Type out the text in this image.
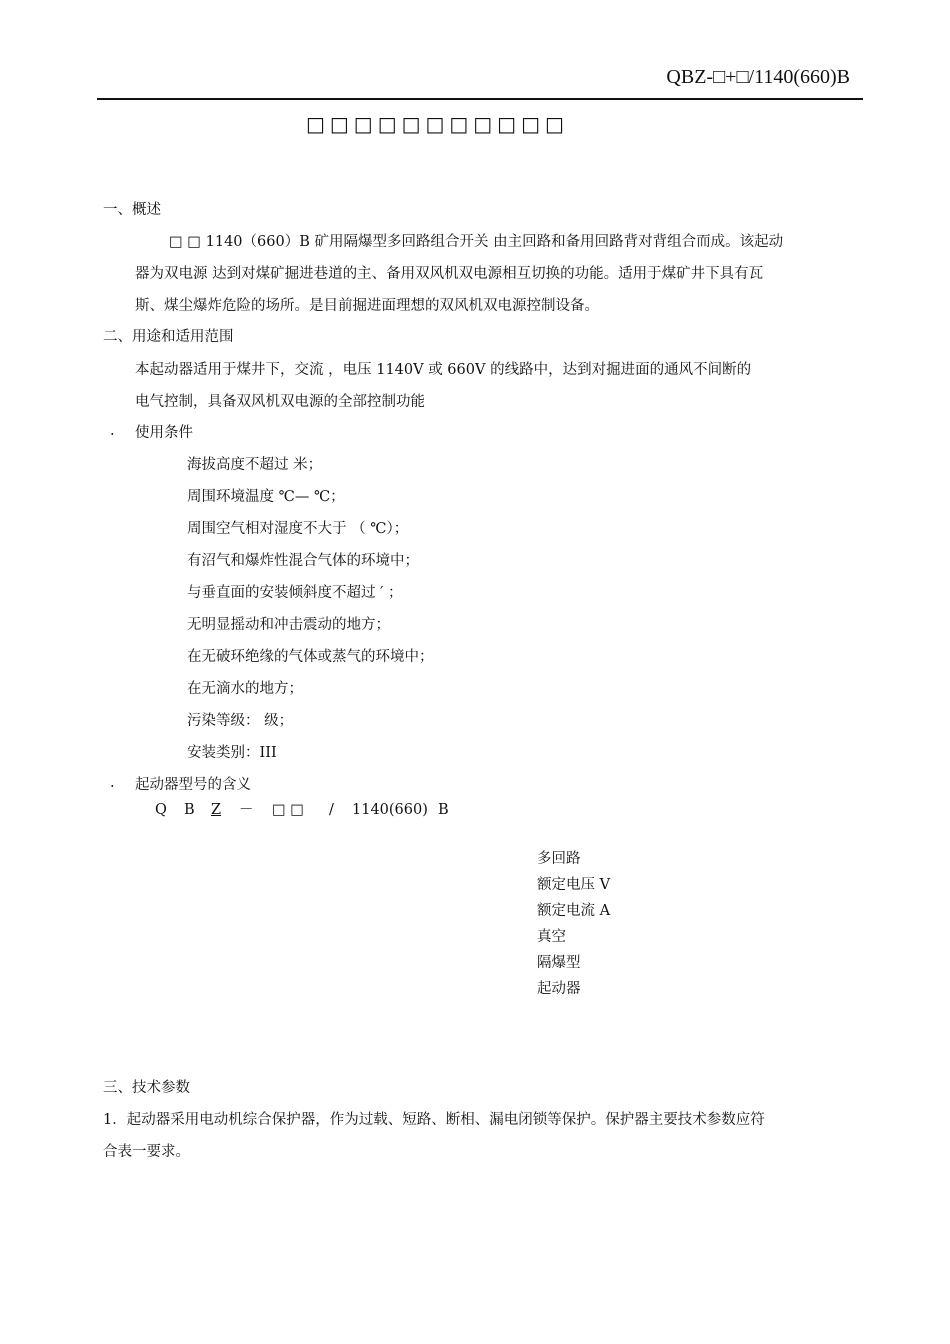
QBZ-□+□/1140(660)B
□□□□□□□□□□□
一、概述
□ □ 1140（660）B 矿用隔爆型多回路组合开关 由主回路和备用回路背对背组合而成。该起动
器为双电源 达到对煤矿掘进巷道的主、备用双风机双电源相互切换的功能。适用于煤矿井下具有瓦
斯、煤尘爆炸危险的场所。是目前掘进面理想的双风机双电源控制设备。
二、用途和适用范围
本起动器适用于煤井下，交流 ，电压 1140V 或 660V 的线路中，达到对掘进面的通风不间断的
电气控制，具备双风机双电源的全部控制功能
· 使用条件
海拔高度不超过 米；
周围环境温度 ℃— ℃；
周围空气相对湿度不大于 （ ℃）；
有沼气和爆炸性混合气体的环境中；
与垂直面的安装倾斜度不超过 ′ ；
无明显摇动和冲击震动的地方；
在无破环绝缘的气体或蒸气的环境中；
在无滴水的地方；
污染等级： 级；
安装类别：III
· 起动器型号的含义
Q B Z － □ □ / 1140(660) B
多回路
额定电压 V
额定电流 A
真空
隔爆型
起动器
三、技术参数
1．起动器采用电动机综合保护器，作为过载、短路、断相、漏电闭锁等保护。保护器主要技术参数应符
合表一要求。
